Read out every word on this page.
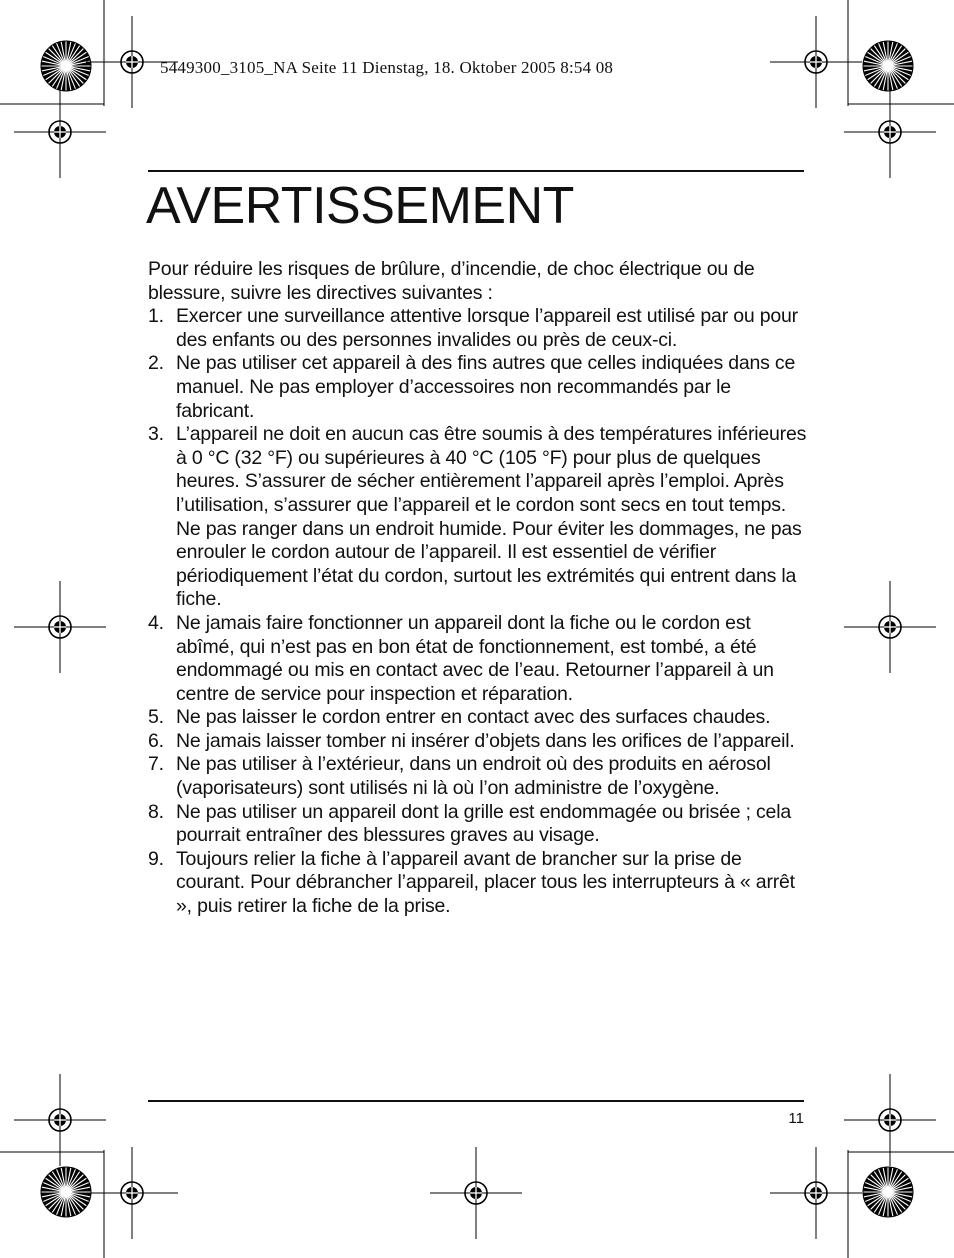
5449300_3105_NA Seite 11 Dienstag, 18. Oktober 2005 8:54 08
AVERTISSEMENT

Pour réduire les risques de brûlure, d’incendie, de choc électrique ou de blessure, suivre les directives suivantes :

1. Exercer une surveillance attentive lorsque l’appareil est utilisé par ou pour des enfants ou des personnes invalides ou près de ceux-ci.
2. Ne pas utiliser cet appareil à des fins autres que celles indiquées dans ce manuel. Ne pas employer d’accessoires non recommandés par le fabricant.
3. L’appareil ne doit en aucun cas être soumis à des températures inférieures à 0 °C (32 °F) ou supérieures à 40 °C (105 °F) pour plus de quelques heures. S’assurer de sécher entièrement l’appareil après l’emploi. Après l’utilisation, s’assurer que l’appareil et le cordon sont secs en tout temps. Ne pas ranger dans un endroit humide. Pour éviter les dommages, ne pas enrouler le cordon autour de l’appareil. Il est essentiel de vérifier périodiquement l’état du cordon, surtout les extrémités qui entrent dans la fiche.
4. Ne jamais faire fonctionner un appareil dont la fiche ou le cordon est abîmé, qui n’est pas en bon état de fonctionnement, est tombé, a été endommagé ou mis en contact avec de l’eau. Retourner l’appareil à un centre de service pour inspection et réparation.
5. Ne pas laisser le cordon entrer en contact avec des surfaces chaudes.
6. Ne jamais laisser tomber ni insérer d’objets dans les orifices de l’appareil.
7. Ne pas utiliser à l’extérieur, dans un endroit où des produits en aérosol (vaporisateurs) sont utilisés ni là où l’on administre de l’oxygène.
8. Ne pas utiliser un appareil dont la grille est endommagée ou brisée ; cela pourrait entraîner des blessures graves au visage.
9. Toujours relier la fiche à l’appareil avant de brancher sur la prise de courant. Pour débrancher l’appareil, placer tous les interrupteurs à « arrêt », puis retirer la fiche de la prise.
11
